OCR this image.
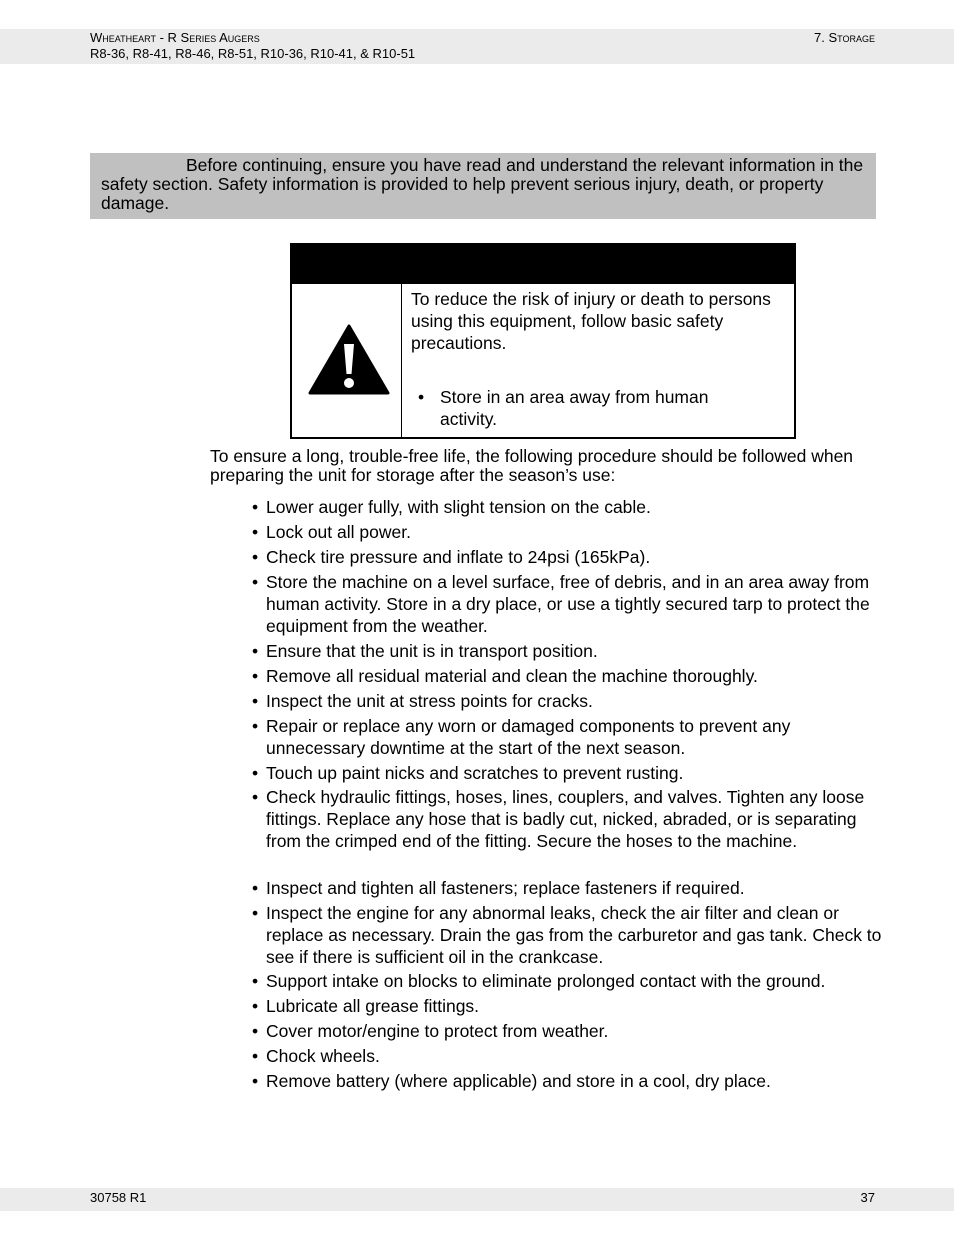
Wheatheart - R Series Augers
R8-36, R8-41, R8-46, R8-51, R10-36, R10-41, & R10-51
7. Storage
Before continuing, ensure you have read and understand the relevant information in the safety section. Safety information is provided to help prevent serious injury, death, or property damage.
To reduce the risk of injury or death to persons using this equipment, follow basic safety precautions.
• Store in an area away from human activity.
To ensure a long, trouble-free life, the following procedure should be followed when preparing the unit for storage after the season’s use:
• Lower auger fully, with slight tension on the cable.
• Lock out all power.
• Check tire pressure and inflate to 24psi (165kPa).
• Store the machine on a level surface, free of debris, and in an area away from human activity. Store in a dry place, or use a tightly secured tarp to protect the equipment from the weather.
• Ensure that the unit is in transport position.
• Remove all residual material and clean the machine thoroughly.
• Inspect the unit at stress points for cracks.
• Repair or replace any worn or damaged components to prevent any unnecessary downtime at the start of the next season.
• Touch up paint nicks and scratches to prevent rusting.
• Check hydraulic fittings, hoses, lines, couplers, and valves. Tighten any loose fittings. Replace any hose that is badly cut, nicked, abraded, or is separating from the crimped end of the fitting. Secure the hoses to the machine.
• Inspect and tighten all fasteners; replace fasteners if required.
• Inspect the engine for any abnormal leaks, check the air filter and clean or replace as necessary. Drain the gas from the carburetor and gas tank. Check to see if there is sufficient oil in the crankcase.
• Support intake on blocks to eliminate prolonged contact with the ground.
• Lubricate all grease fittings.
• Cover motor/engine to protect from weather.
• Chock wheels.
• Remove battery (where applicable) and store in a cool, dry place.
30758 R1	37
